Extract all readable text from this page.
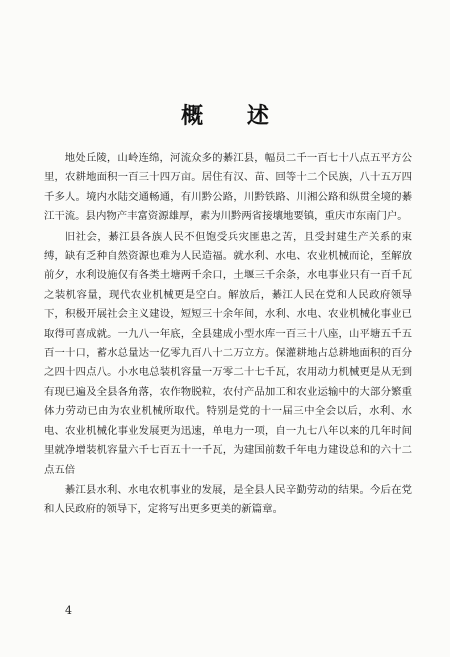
概 述

地处丘陵，山岭连绵，河流众多的綦江县，幅员二千一百七十八点五平方公里，农耕地面积一百三十四万亩。居住有汉、苗、回等十二个民族，八十五万四千多人。境内水陆交通畅通，有川黔公路，川黔铁路、川湘公路和纵贯全境的綦江干流。县内物产丰富资源雄厚，素为川黔两省接壤地要镇，重庆市东南门户。

旧社会，綦江县各族人民不但饱受兵灾匪患之苦，且受封建生产关系的束缚，缺有乏种自然资源也难为人民造福。就水利、水电、农业机械而论，至解放前夕，水利设施仅有各类土塘两千余口，土堰三千余条，水电事业只有一百千瓦之装机容量，现代农业机械更是空白。解放后，綦江人民在党和人民政府领导下，积极开展社会主义建设，短短三十余年间，水利、水电、农业机械化事业已取得可喜成就。一九八一年底，全县建成小型水库一百三十八座，山平塘五千五百一十口，蓄水总量达一亿零九百八十二万立方。保灌耕地占总耕地面积的百分之四十四点八。小水电总装机容量一万零二十七千瓦，农用动力机械更是从无到有现已遍及全县各角落，农作物脱粒，农付产品加工和农业运输中的大部分繁重体力劳动已由为农业机械所取代。特别是党的十一届三中全会以后，水利、水电、农业机械化事业发展更为迅速，单电力一项，自一九七八年以来的几年时间里就净增装机容量六千七百五十一千瓦，为建国前数千年电力建设总和的六十二点五倍

綦江县水利、水电农机事业的发展，是全县人民辛勤劳动的结果。今后在党和人民政府的领导下，定将写出更多更美的新篇章。

4
